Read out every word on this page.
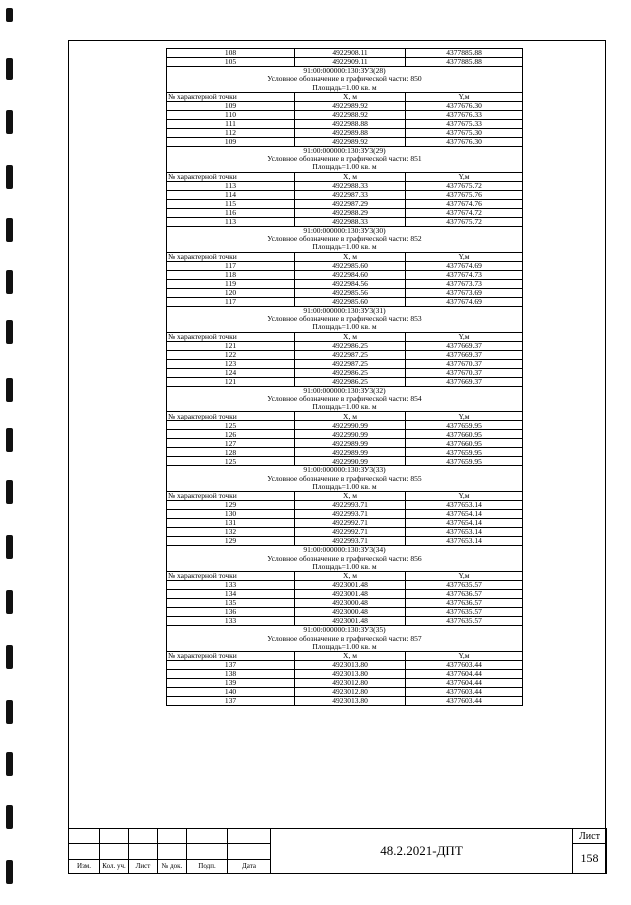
108	4922908.11	4377885.88
105	4922909.11	4377885.88
91:00:000000:130:ЗУ3(28)		
Условное обозначение в графической части: 850		
Площадь=1.00 кв. м		
№ характерной точки	X, м	Y,м
109	4922989.92	4377676.30
110	4922988.92	4377676.33
111	4922988.88	4377675.33
112	4922989.88	4377675.30
109	4922989.92	4377676.30
91:00:000000:130:ЗУ3(29)		
Условное обозначение в графической части: 851		
Площадь=1.00 кв. м		
№ характерной точки	X, м	Y,м
113	4922988.33	4377675.72
114	4922987.33	4377675.76
115	4922987.29	4377674.76
116	4922988.29	4377674.72
113	4922988.33	4377675.72
91:00:000000:130:ЗУ3(30)		
Условное обозначение в графической части: 852		
Площадь=1.00 кв. м		
№ характерной точки	X, м	Y,м
117	4922985.60	4377674.69
118	4922984.60	4377674.73
119	4922984.56	4377673.73
120	4922985.56	4377673.69
117	4922985.60	4377674.69
91:00:000000:130:ЗУ3(31)		
Условное обозначение в графической части: 853		
Площадь=1.00 кв. м		
№ характерной точки	X, м	Y,м
121	4922986.25	4377669.37
122	4922987.25	4377669.37
123	4922987.25	4377670.37
124	4922986.25	4377670.37
121	4922986.25	4377669.37
91:00:000000:130:ЗУ3(32)		
Условное обозначение в графической части: 854		
Площадь=1.00 кв. м		
№ характерной точки	X, м	Y,м
125	4922990.99	4377659.95
126	4922990.99	4377660.95
127	4922989.99	4377660.95
128	4922989.99	4377659.95
125	4922990.99	4377659.95
91:00:000000:130:ЗУ3(33)		
Условное обозначение в графической части: 855		
Площадь=1.00 кв. м		
№ характерной точки	X, м	Y,м
129	4922993.71	4377653.14
130	4922993.71	4377654.14
131	4922992.71	4377654.14
132	4922992.71	4377653.14
129	4922993.71	4377653.14
91:00:000000:130:ЗУ3(34)		
Условное обозначение в графической части: 856		
Площадь=1.00 кв. м		
№ характерной точки	X, м	Y,м
133	4923001.48	4377635.57
134	4923001.48	4377636.57
135	4923000.48	4377636.57
136	4923000.48	4377635.57
133	4923001.48	4377635.57
91:00:000000:130:ЗУ3(35)		
Условное обозначение в графической части: 857		
Площадь=1.00 кв. м		
№ характерной точки	X, м	Y,м
137	4923013.80	4377603.44
138	4923013.80	4377604.44
139	4923012.80	4377604.44
140	4923012.80	4377603.44
137	4923013.80	4377603.44
						48.2.2021-ДПТ	Лист
							158
Изм.	Кол. уч.	Лист	№ док.	Подп.	Дата		
